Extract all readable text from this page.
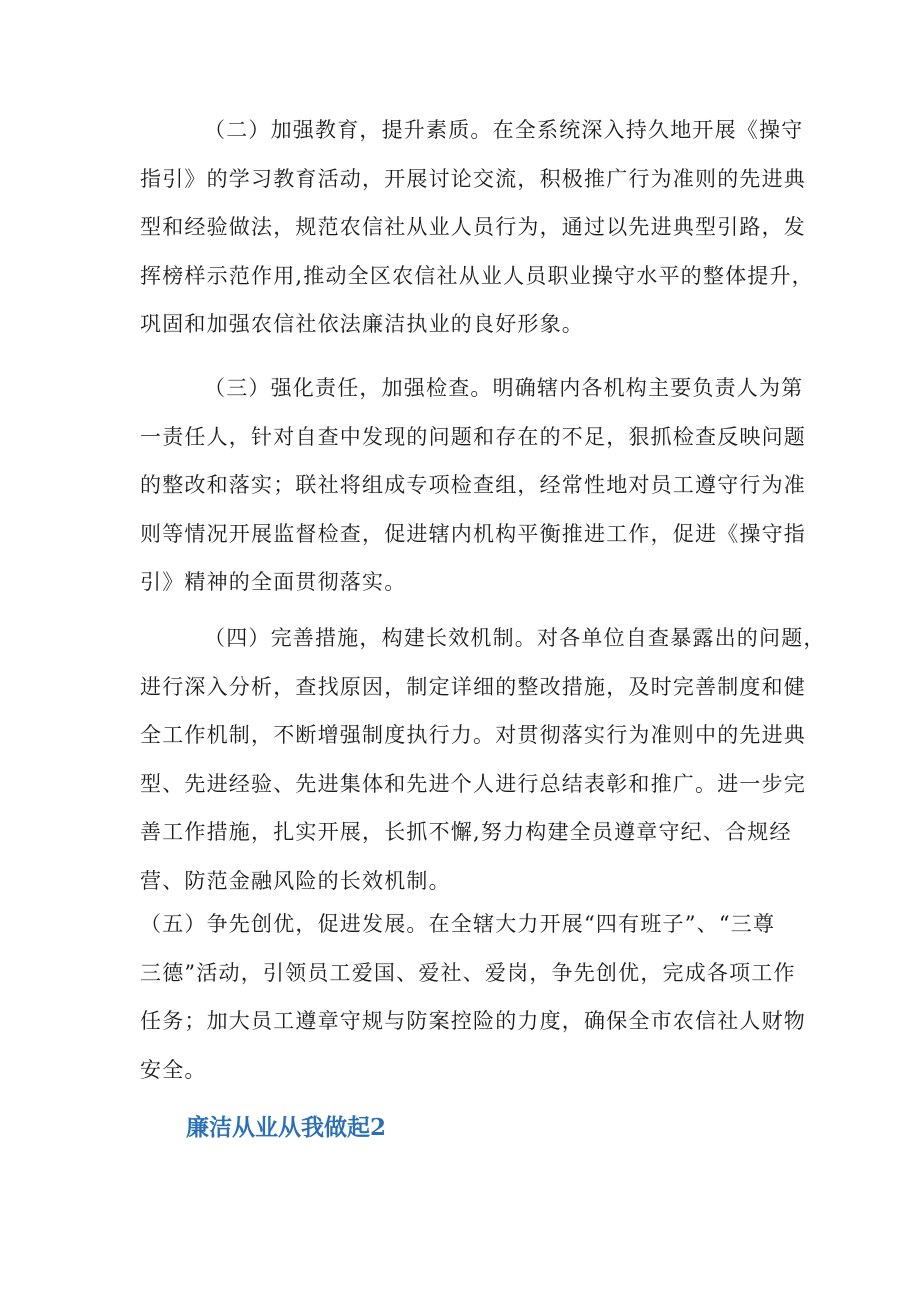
（二）加强教育，提升素质。在全系统深入持久地开展《操守
指引》的学习教育活动，开展讨论交流，积极推广行为准则的先进典
型和经验做法，规范农信社从业人员行为，通过以先进典型引路，发
挥榜样示范作用,推动全区农信社从业人员职业操守水平的整体提升，
巩固和加强农信社依法廉洁执业的良好形象。
（三）强化责任，加强检查。明确辖内各机构主要负责人为第
一责任人，针对自查中发现的问题和存在的不足，狠抓检查反映问题
的整改和落实；联社将组成专项检查组，经常性地对员工遵守行为准
则等情况开展监督检查，促进辖内机构平衡推进工作，促进《操守指
引》精神的全面贯彻落实。
（四）完善措施，构建长效机制。对各单位自查暴露出的问题，
进行深入分析，查找原因，制定详细的整改措施，及时完善制度和健
全工作机制，不断增强制度执行力。对贯彻落实行为准则中的先进典
型、先进经验、先进集体和先进个人进行总结表彰和推广。进一步完
善工作措施，扎实开展，长抓不懈,努力构建全员遵章守纪、合规经
营、防范金融风险的长效机制。
（五）争先创优，促进发展。在全辖大力开展“四有班子”、“三尊
三德”活动，引领员工爱国、爱社、爱岗，争先创优，完成各项工作
任务；加大员工遵章守规与防案控险的力度，确保全市农信社人财物
安全。
廉洁从业从我做起2
